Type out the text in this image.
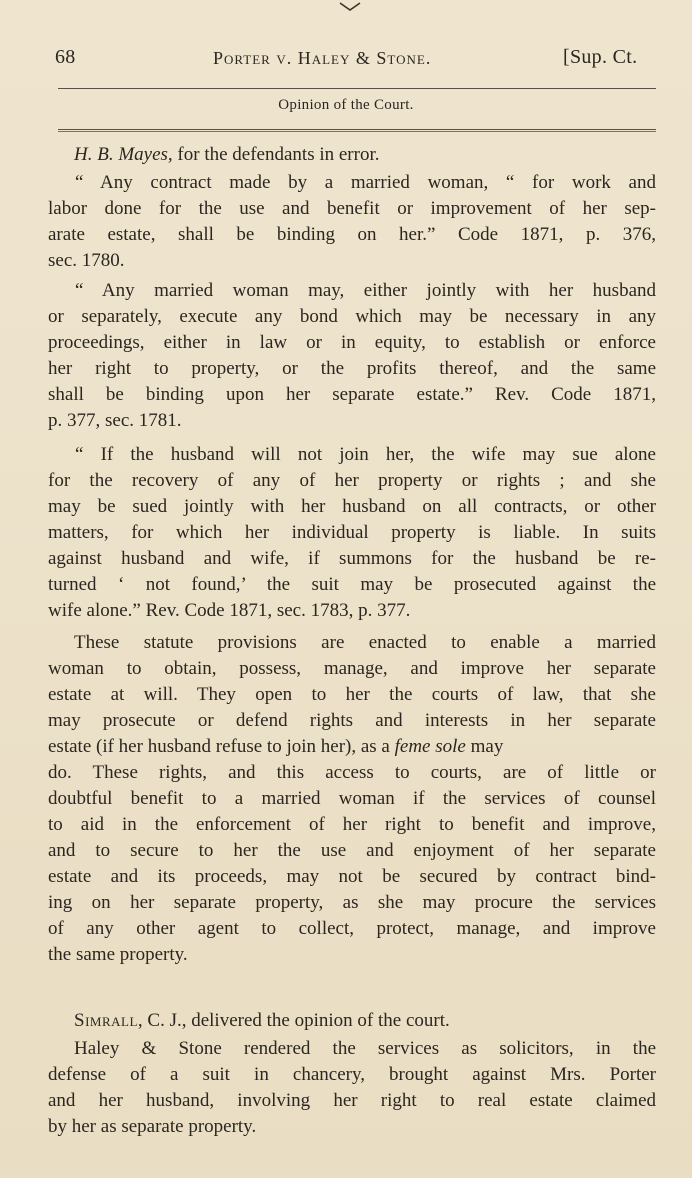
68	Porter v. Haley & Stone.	[Sup. Ct.
Opinion of the Court.
H. B. Mayes, for the defendants in error.
“ Any contract made by a married woman, “ for work and
labor done for the use and benefit or improvement of her sep-
arate estate, shall be binding on her.” Code 1871, p. 376,
sec. 1780.
“ Any married woman may, either jointly with her husband
or separately, execute any bond which may be necessary in any
proceedings, either in law or in equity, to establish or enforce
her right to property, or the profits thereof, and the same
shall be binding upon her separate estate.” Rev. Code 1871,
p. 377, sec. 1781.
“ If the husband will not join her, the wife may sue alone
for the recovery of any of her property or rights ; and she
may be sued jointly with her husband on all contracts, or other
matters, for which her individual property is liable. In suits
against husband and wife, if summons for the husband be re-
turned ‘ not found,’ the suit may be prosecuted against the
wife alone.” Rev. Code 1871, sec. 1783, p. 377.
These statute provisions are enacted to enable a married
woman to obtain, possess, manage, and improve her separate
estate at will. They open to her the courts of law, that she
may prosecute or defend rights and interests in her separate
estate (if her husband refuse to join her), as a feme sole may
do. These rights, and this access to courts, are of little or
doubtful benefit to a married woman if the services of counsel
to aid in the enforcement of her right to benefit and improve,
and to secure to her the use and enjoyment of her separate
estate and its proceeds, may not be secured by contract bind-
ing on her separate property, as she may procure the services
of any other agent to collect, protect, manage, and improve
the same property.
Simrall, C. J., delivered the opinion of the court.
Haley & Stone rendered the services as solicitors, in the
defense of a suit in chancery, brought against Mrs. Porter
and her husband, involving her right to real estate claimed
by her as separate property.
